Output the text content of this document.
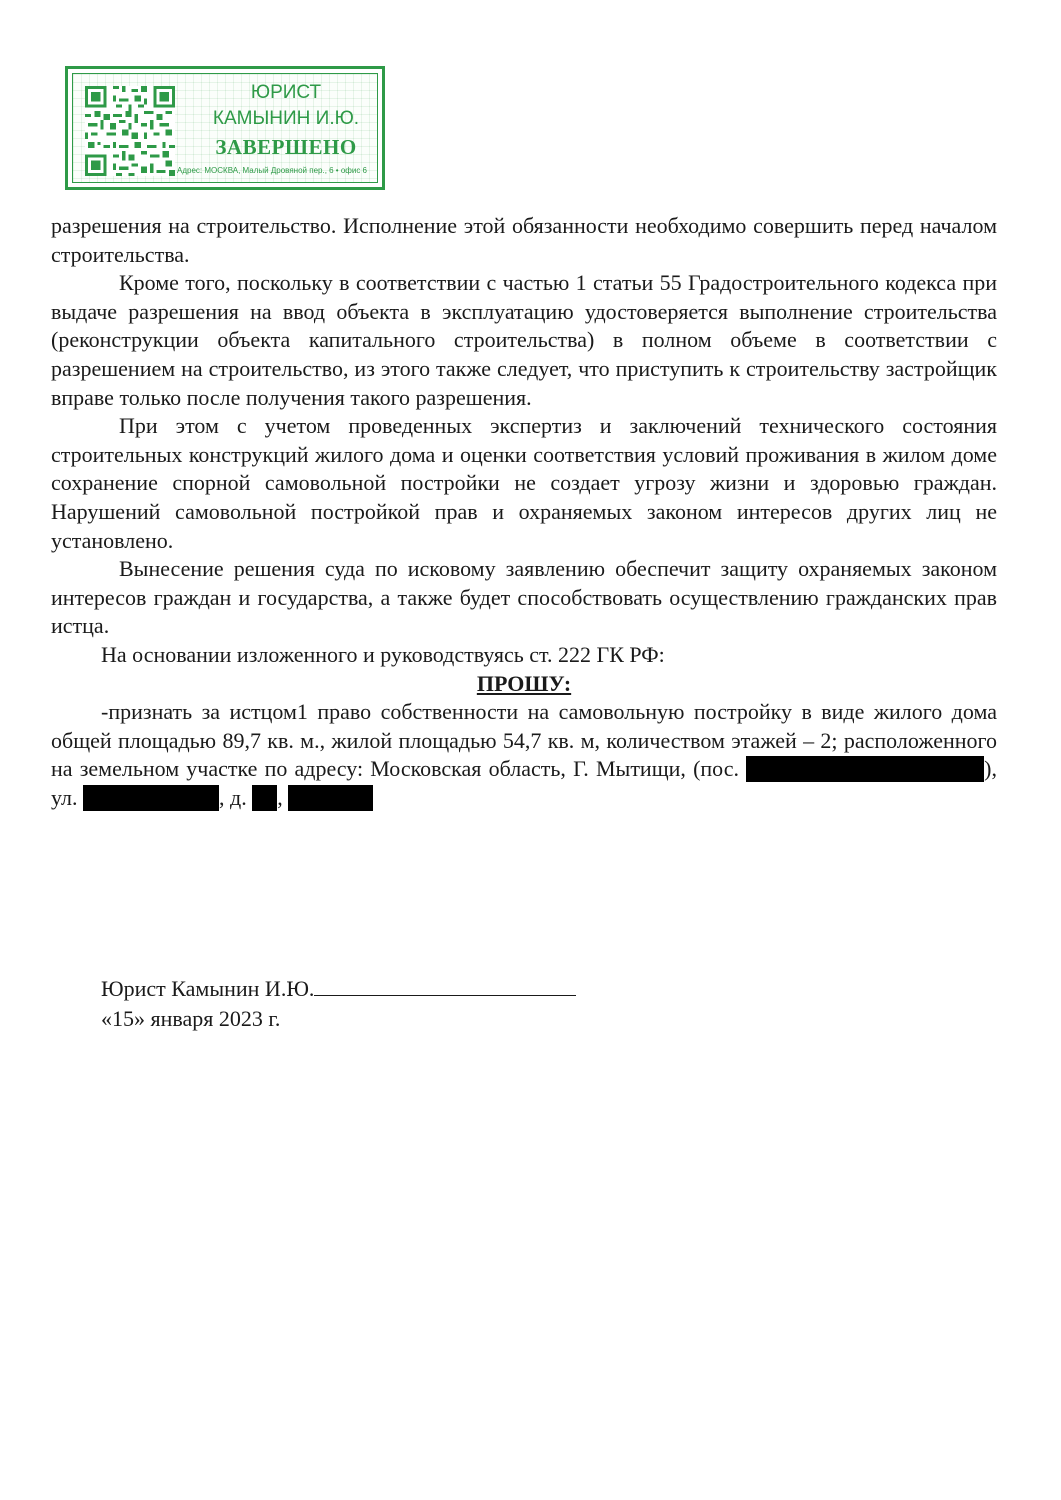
ЮРИСТ
КАМЫНИН И.Ю.
ЗАВЕРШЕНО
Адрес: МОСКВА, Малый Дровяной пер., 6 • офис 6

разрешения на строительство. Исполнение этой обязанности необходимо совершить перед началом строительства.

Кроме того, поскольку в соответствии с частью 1 статьи 55 Градостроительного кодекса при выдаче разрешения на ввод объекта в эксплуатацию удостоверяется выполнение строительства (реконструкции объекта капитального строительства) в полном объеме в соответствии с разрешением на строительство, из этого также следует, что приступить к строительству застройщик вправе только после получения такого разрешения.

При этом с учетом проведенных экспертиз и заключений технического состояния строительных конструкций жилого дома и оценки соответствия условий проживания в жилом доме сохранение спорной самовольной постройки не создает угрозу жизни и здоровью граждан. Нарушений самовольной постройкой прав и охраняемых законом интересов других лиц не установлено.

Вынесение решения суда по исковому заявлению обеспечит защиту охраняемых законом интересов граждан и государства, а также будет способствовать осуществлению гражданских прав истца.

На основании изложенного и руководствуясь ст. 222 ГК РФ:

ПРОШУ:

-признать за истцом1 право собственности на самовольную постройку в виде жилого дома общей площадью 89,7 кв. м., жилой площадью 54,7 кв. м, количеством этажей – 2; расположенного на земельном участке по адресу: Московская область, Г. Мытищи, (пос.	), ул.	, д. ,

Юрист Камынин И.Ю.
«15» января 2023 г.
